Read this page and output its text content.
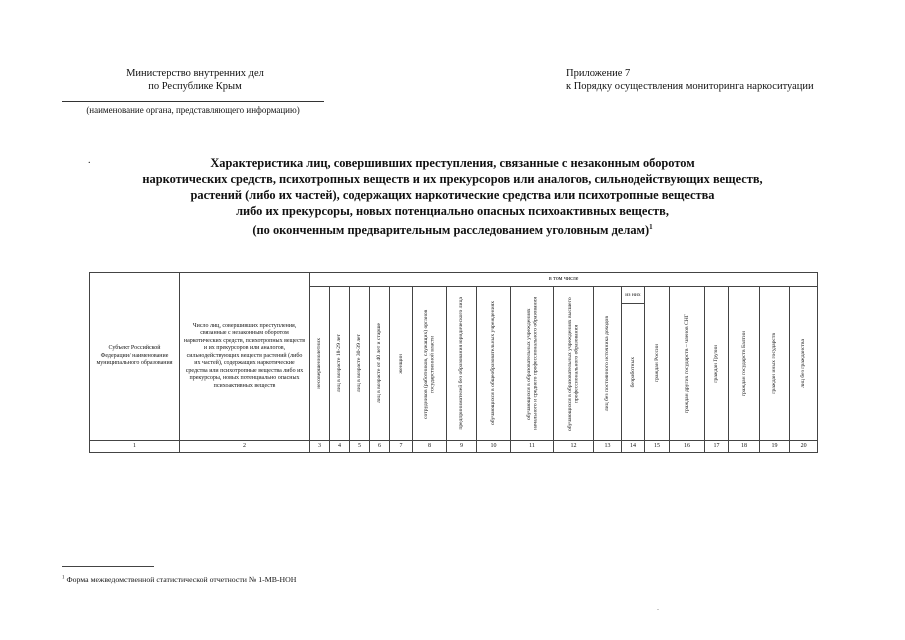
Министерство внутренних дел
по Республике Крым
(наименование органа, представляющего информацию)
Приложение 7
к Порядку осуществления мониторинга наркоситуации
.	Характеристика лиц, совершивших преступления, связанные с незаконным оборотом
наркотических средств, психотропных веществ и их прекурсоров или аналогов, сильнодействующих веществ,
растений (либо их частей), содержащих наркотические средства или психотропные вещества
либо их прекурсоры, новых потенциально опасных психоактивных веществ,
(по оконченным предварительным расследованием уголовным делам)$^1$
Субъект Российской Федерации/ наименование муниципального образования	Число лиц, совершивших преступления, связанные с незаконным оборотом наркотических средств, психотропных веществ и их прекурсоров или аналогов, сильнодействующих веществ растений (либо их частей), содержащих наркотические средства или психотропные вещества либо их прекурсоры, новых потенциально опасных психоактивных веществ	в том числе																	

		несовершеннолетних	лиц в возрасте 18-29 лет	лиц в возрасте 30-39 лет	лиц в возрасте от 40 лет и старше	женщин	сотрудников (работников, служащих) органов государственной власти	предпринимателей без образования юридического лица	обучающихся в общеобразовательных учреждениях	обучающихся в образовательных учреждениях начального и среднего профессионального образования	обучающихся в образовательных учреждениях высшего профессионального образования	лиц без постоянного источника доходов	из них	граждан России	граждан других государств – членов СНГ	граждан Грузии	граждан государств Балтии	граждан иных государств	лиц без гражданства

													безработных						

1	2	3	4	5	6	7	8	9	10	11	12	13	14	15	16	17	18	19	20
$^1$ Форма межведомственной статистической отчетности № 1-МВ-НОН
.
